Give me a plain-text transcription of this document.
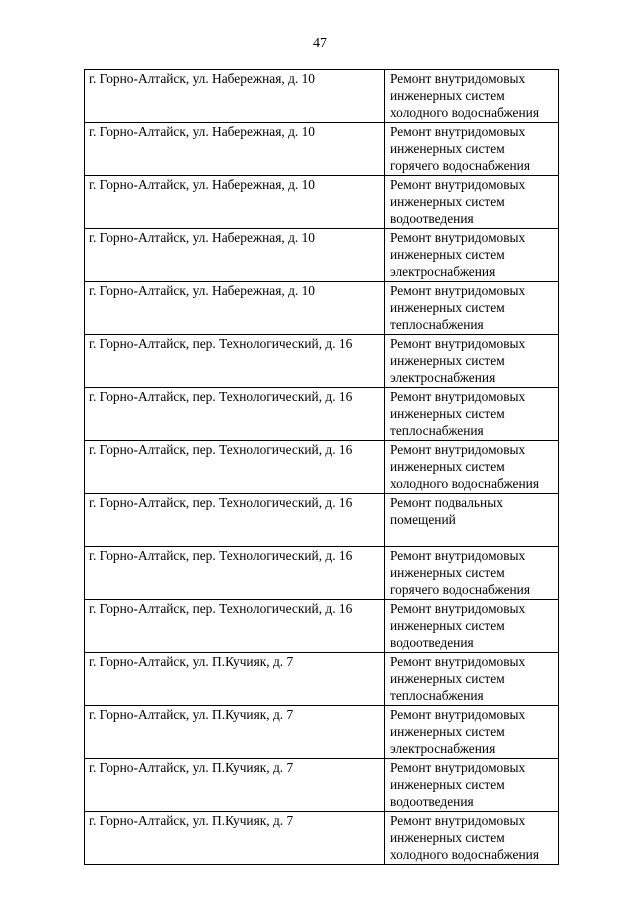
47
г. Горно-Алтайск, ул. Набережная, д. 10	Ремонт внутридомовых инженерных систем холодного водоснабжения
г. Горно-Алтайск, ул. Набережная, д. 10	Ремонт внутридомовых инженерных систем горячего водоснабжения
г. Горно-Алтайск, ул. Набережная, д. 10	Ремонт внутридомовых инженерных систем водоотведения
г. Горно-Алтайск, ул. Набережная, д. 10	Ремонт внутридомовых инженерных систем электроснабжения
г. Горно-Алтайск, ул. Набережная, д. 10	Ремонт внутридомовых инженерных систем теплоснабжения
г. Горно-Алтайск, пер. Технологический, д. 16	Ремонт внутридомовых инженерных систем электроснабжения
г. Горно-Алтайск, пер. Технологический, д. 16	Ремонт внутридомовых инженерных систем теплоснабжения
г. Горно-Алтайск, пер. Технологический, д. 16	Ремонт внутридомовых инженерных систем холодного водоснабжения
г. Горно-Алтайск, пер. Технологический, д. 16	Ремонт подвальных помещений
г. Горно-Алтайск, пер. Технологический, д. 16	Ремонт внутридомовых инженерных систем горячего водоснабжения
г. Горно-Алтайск, пер. Технологический, д. 16	Ремонт внутридомовых инженерных систем водоотведения
г. Горно-Алтайск, ул. П.Кучияк, д. 7	Ремонт внутридомовых инженерных систем теплоснабжения
г. Горно-Алтайск, ул. П.Кучияк, д. 7	Ремонт внутридомовых инженерных систем электроснабжения
г. Горно-Алтайск, ул. П.Кучияк, д. 7	Ремонт внутридомовых инженерных систем водоотведения
г. Горно-Алтайск, ул. П.Кучияк, д. 7	Ремонт внутридомовых инженерных систем холодного водоснабжения
